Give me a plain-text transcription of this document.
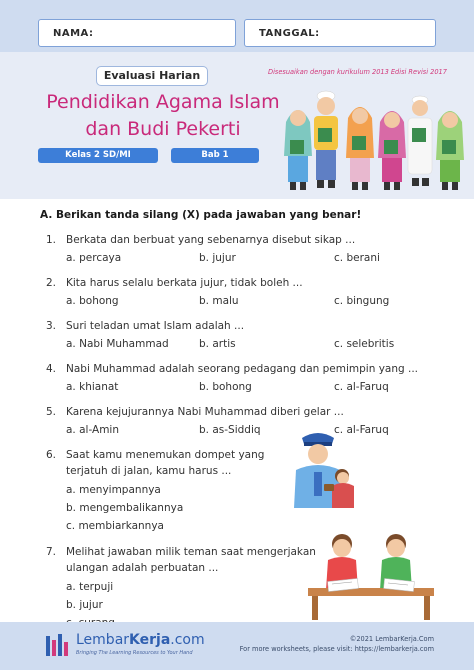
NAMA:	TANGGAL:
Evaluasi Harian	Disesuaikan dengan kurikulum 2013 Edisi Revisi 2017
Pendidikan Agama Islam
dan Budi Pekerti
Kelas 2 SD/MI	Bab 1
A. Berikan tanda silang (X) pada jawaban yang benar!
1. Berkata dan berbuat yang sebenarnya disebut sikap ...
a. percaya	b. jujur	c. berani
2. Kita harus selalu berkata jujur, tidak boleh ...
a. bohong	b. malu	c. bingung
3. Suri teladan umat Islam adalah ...
a. Nabi Muhammad	b. artis	c. selebritis
4. Nabi Muhammad adalah seorang pedagang dan pemimpin yang ...
a. khianat	b. bohong	c. al-Faruq
5. Karena kejujurannya Nabi Muhammad diberi gelar ...
a. al-Amin	b. as-Siddiq	c. al-Faruq
6. Saat kamu menemukan dompet yang
terjatuh di jalan, kamu harus ...
a. menyimpannya
b. mengembalikannya
c. membiarkannya
7. Melihat jawaban milik teman saat mengerjakan
ulangan adalah perbuatan ...
a. terpuji
b. jujur
LembarKerja.com
Bringing The Learning Resources to Your Hand
©2021 LembarKerja.Com
For more worksheets, please visit: https://lembarkerja.com
